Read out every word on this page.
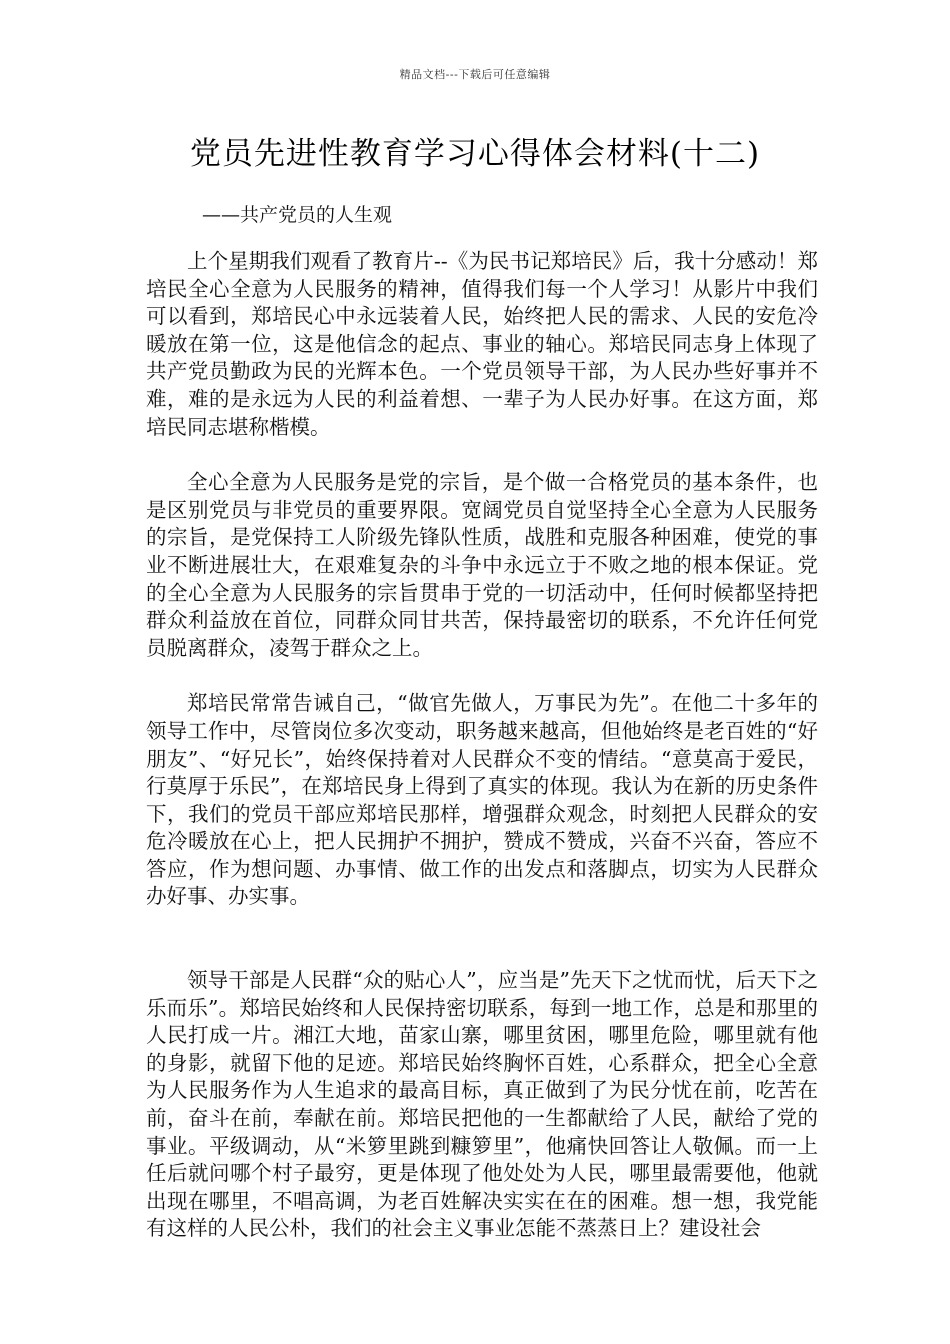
精品文档---下载后可任意编辑
党员先进性教育学习心得体会材料(十二)

——共产党员的人生观

上个星期我们观看了教育片--《为民书记郑培民》后，我十分感动！郑培民全心全意为人民服务的精神，值得我们每一个人学习！从影片中我们可以看到，郑培民心中永远装着人民，始终把人民的需求、人民的安危冷暖放在第一位，这是他信念的起点、事业的轴心。郑培民同志身上体现了共产党员勤政为民的光辉本色。一个党员领导干部，为人民办些好事并不难，难的是永远为人民的利益着想、一辈子为人民办好事。在这方面，郑培民同志堪称楷模。

全心全意为人民服务是党的宗旨，是个做一合格党员的基本条件，也是区别党员与非党员的重要界限。宽阔党员自觉坚持全心全意为人民服务的宗旨，是党保持工人阶级先锋队性质，战胜和克服各种困难，使党的事业不断进展壮大，在艰难复杂的斗争中永远立于不败之地的根本保证。党的全心全意为人民服务的宗旨贯串于党的一切活动中，任何时候都坚持把群众利益放在首位，同群众同甘共苦，保持最密切的联系，不允许任何党员脱离群众，凌驾于群众之上。

郑培民常常告诫自己，“做官先做人，万事民为先”。在他二十多年的领导工作中，尽管岗位多次变动，职务越来越高，但他始终是老百姓的“好朋友”、“好兄长”，始终保持着对人民群众不变的情结。“意莫高于爱民，行莫厚于乐民”，在郑培民身上得到了真实的体现。我认为在新的历史条件下，我们的党员干部应郑培民那样，增强群众观念，时刻把人民群众的安危冷暖放在心上，把人民拥护不拥护，赞成不赞成，兴奋不兴奋，答应不答应，作为想问题、办事情、做工作的出发点和落脚点，切实为人民群众办好事、办实事。

领导干部是人民群“众的贴心人”，应当是”先天下之忧而忧，后天下之乐而乐”。郑培民始终和人民保持密切联系，每到一地工作，总是和那里的人民打成一片。湘江大地，苗家山寨，哪里贫困，哪里危险，哪里就有他的身影，就留下他的足迹。郑培民始终胸怀百姓，心系群众，把全心全意为人民服务作为人生追求的最高目标，真正做到了为民分忧在前，吃苦在前，奋斗在前，奉献在前。郑培民把他的一生都献给了人民，献给了党的事业。平级调动，从“米箩里跳到糠箩里”，他痛快回答让人敬佩。而一上任后就问哪个村子最穷，更是体现了他处处为人民，哪里最需要他，他就出现在哪里，不唱高调，为老百姓解决实实在在的困难。想一想，我党能有这样的人民公朴，我们的社会主义事业怎能不蒸蒸日上？建设社会
